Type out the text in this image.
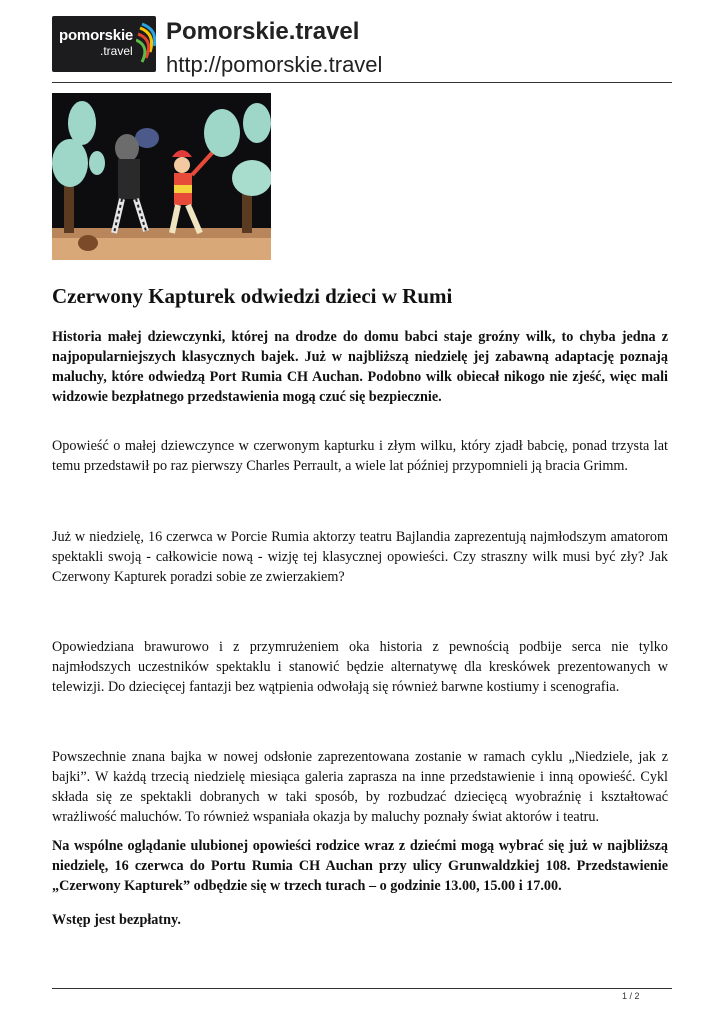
pomorskie
.travel
Pomorskie.travel
http://pomorskie.travel
Czerwony Kapturek odwiedzi dzieci w Rumi

Historia małej dziewczynki, której na drodze do domu babci staje groźny wilk, to chyba jedna z najpopularniejszych klasycznych bajek. Już w najbliższą niedzielę jej zabawną adaptację poznają maluchy, które odwiedzą Port Rumia CH Auchan. Podobno wilk obiecał nikogo nie zjeść, więc mali widzowie bezpłatnego przedstawienia mogą czuć się bezpiecznie.

Opowieść o małej dziewczynce w czerwonym kapturku i złym wilku, który zjadł babcię, ponad trzysta lat temu przedstawił po raz pierwszy Charles Perrault, a wiele lat później przypomnieli ją bracia Grimm.

Już w niedzielę, 16 czerwca w Porcie Rumia aktorzy teatru Bajlandia zaprezentują najmłodszym amatorom spektakli swoją - całkowicie nową - wizję tej klasycznej opowieści. Czy straszny wilk musi być zły? Jak Czerwony Kapturek poradzi sobie ze zwierzakiem?

Opowiedziana brawurowo i z przymrużeniem oka historia z pewnością podbije serca nie tylko najmłodszych uczestników spektaklu i stanowić będzie alternatywę dla kreskówek prezentowanych w telewizji. Do dziecięcej fantazji bez wątpienia odwołają się również barwne kostiumy i scenografia.

Powszechnie znana bajka w nowej odsłonie zaprezentowana zostanie w ramach cyklu „Niedziele, jak z bajki”. W każdą trzecią niedzielę miesiąca galeria zaprasza na inne przedstawienie i inną opowieść. Cykl składa się ze spektakli dobranych w taki sposób, by rozbudzać dziecięcą wyobraźnię i kształtować wrażliwość maluchów. To również wspaniała okazja by maluchy poznały świat aktorów i teatru.

Na wspólne oglądanie ulubionej opowieści rodzice wraz z dziećmi mogą wybrać się już w najbliższą niedzielę, 16 czerwca do Portu Rumia CH Auchan przy ulicy Grunwaldzkiej 108. Przedstawienie „Czerwony Kapturek” odbędzie się w trzech turach – o godzinie 13.00, 15.00 i 17.00.

Wstęp jest bezpłatny.

1 / 2
